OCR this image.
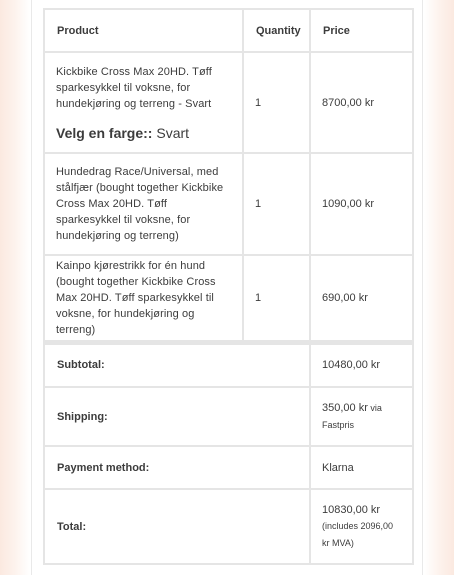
Product	Quantity	Price

Kickbike Cross Max 20HD. Tøff sparkesykkel til voksne, for hundekjøring og terreng - Svart
Velg en farge:: Svart	1	8700,00 kr

Hundedrag Race/Universal, med stålfjær (bought together Kickbike Cross Max 20HD. Tøff sparkesykkel til voksne, for hundekjøring og terreng)	1	1090,00 kr

Kainpo kjørestrikk for én hund (bought together Kickbike Cross Max 20HD. Tøff sparkesykkel til voksne, for hundekjøring og terreng)	1	690,00 kr
Subtotal:		10480,00 kr
Shipping:		350,00 kr via Fastpris
Payment method:		Klarna
Total:		10830,00 kr
(includes 2096,00 kr MVA)
